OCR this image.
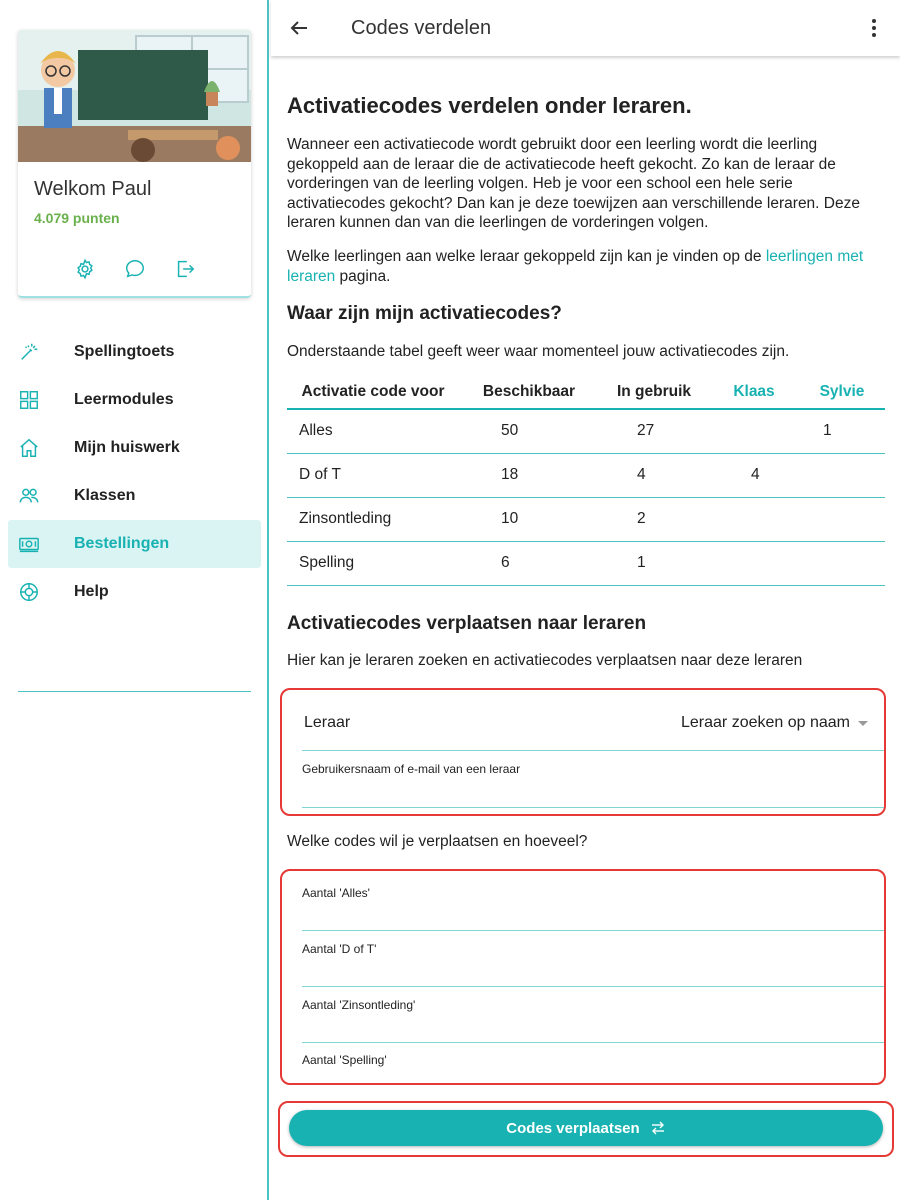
Welkom Paul
4.079 punten
Spellingtoets
Leermodules
Mijn huiswerk
Klassen
Bestellingen
Help
Codes verdelen
Activatiecodes verdelen onder leraren.

Wanneer een activatiecode wordt gebruikt door een leerling wordt die leerling gekoppeld aan de leraar die de activatiecode heeft gekocht. Zo kan de leraar de vorderingen van de leerling volgen. Heb je voor een school een hele serie activatiecodes gekocht? Dan kan je deze toewijzen aan verschillende leraren. Deze leraren kunnen dan van die leerlingen de vorderingen volgen.

Welke leerlingen aan welke leraar gekoppeld zijn kan je vinden op de leerlingen met leraren pagina.

Waar zijn mijn activatiecodes?

Onderstaande tabel geeft weer waar momenteel jouw activatiecodes zijn.

Activatie code voor	Beschikbaar	In gebruik	Klaas	Sylvie
Alles	50	27		1
D of T	18	4	4	
Zinsontleding	10	2		
Spelling	6	1		
Activatiecodes verplaatsen naar leraren

Hier kan je leraren zoeken en activatiecodes verplaatsen naar deze leraren

Leraar	Leraar zoeken op naam
Gebruikersnaam of e-mail van een leraar

Welke codes wil je verplaatsen en hoeveel?

Aantal 'Alles'
Aantal 'D of T'
Aantal 'Zinsontleding'
Aantal 'Spelling'
Codes verplaatsen
